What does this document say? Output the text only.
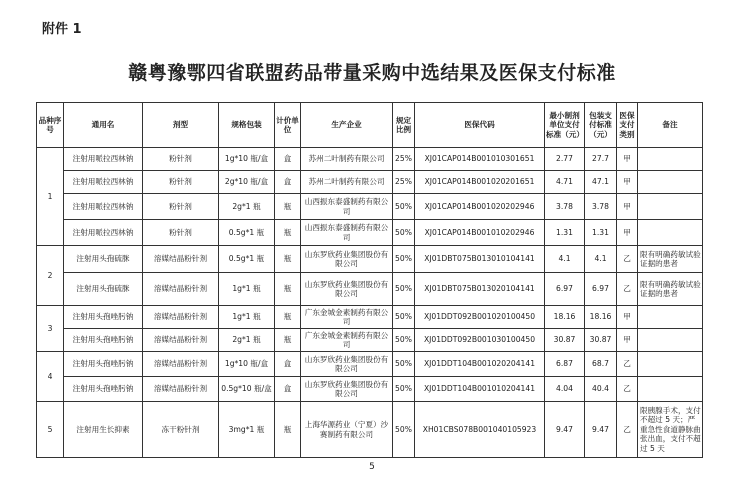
附件 1
赣粤豫鄂四省联盟药品带量采购中选结果及医保支付标准
品种序号	通用名	剂型	规格包装	计价单位	生产企业	规定比例	医保代码	最小制剂单位支付标准（元）	包装支付标准（元）	医保支付类别	备注
1	注射用哌拉西林钠	粉针剂	1g*10 瓶/盒	盒	苏州二叶制药有限公司	25%	XJ01CAP014B001010301651	2.77	27.7	甲	
	注射用哌拉西林钠	粉针剂	2g*10 瓶/盒	盒	苏州二叶制药有限公司	25%	XJ01CAP014B001020201651	4.71	47.1	甲	
	注射用哌拉西林钠	粉针剂	2g*1 瓶	瓶	山西振东泰盛制药有限公司	50%	XJ01CAP014B001020202946	3.78	3.78	甲	
	注射用哌拉西林钠	粉针剂	0.5g*1 瓶	瓶	山西振东泰盛制药有限公司	50%	XJ01CAP014B001010202946	1.31	1.31	甲	
2	注射用头孢硫脒	溶媒结晶粉针剂	0.5g*1 瓶	瓶	山东罗欣药业集团股份有限公司	50%	XJ01DBT075B013010104141	4.1	4.1	乙	限有明确药敏试验证据的患者
	注射用头孢硫脒	溶媒结晶粉针剂	1g*1 瓶	瓶	山东罗欣药业集团股份有限公司	50%	XJ01DBT075B013020104141	6.97	6.97	乙	限有明确药敏试验证据的患者
3	注射用头孢唑肟钠	溶媒结晶粉针剂	1g*1 瓶	瓶	广东金城金素制药有限公司	50%	XJ01DDT092B001020100450	18.16	18.16	甲	
	注射用头孢唑肟钠	溶媒结晶粉针剂	2g*1 瓶	瓶	广东金城金素制药有限公司	50%	XJ01DDT092B001030100450	30.87	30.87	甲	
4	注射用头孢唑肟钠	溶媒结晶粉针剂	1g*10 瓶/盒	盒	山东罗欣药业集团股份有限公司	50%	XJ01DDT104B001020204141	6.87	68.7	乙	
	注射用头孢唑肟钠	溶媒结晶粉针剂	0.5g*10 瓶/盒	盒	山东罗欣药业集团股份有限公司	50%	XJ01DDT104B001010204141	4.04	40.4	乙	
5	注射用生长抑素	冻干粉针剂	3mg*1 瓶	瓶	上海华源药业（宁夏）沙赛制药有限公司	50%	XH01CBS078B001040105923	9.47	9.47	乙	限胰腺手术，支付不超过 5 天；严重急性食道静脉曲张出血，支付不超过 5 天
5
